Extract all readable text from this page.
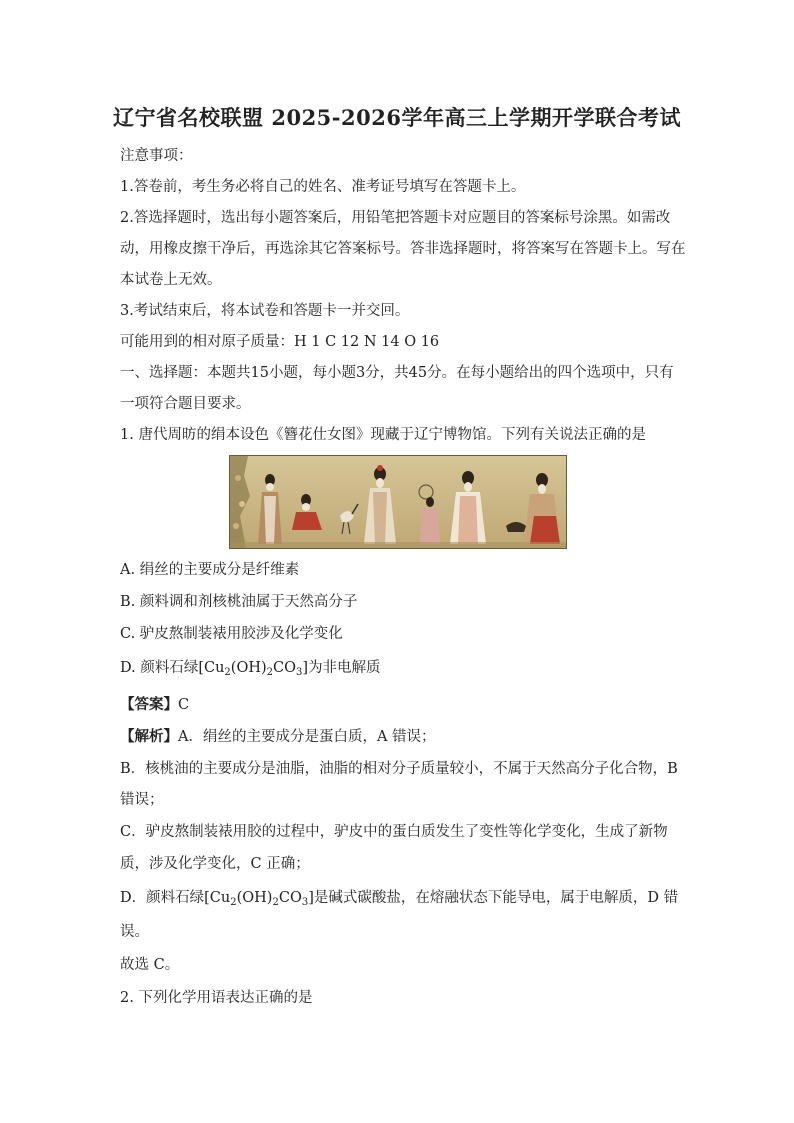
辽宁省名校联盟 2025-2026学年高三上学期开学联合考试
注意事项：
1.答卷前，考生务必将自己的姓名、准考证号填写在答题卡上。
2.答选择题时，选出每小题答案后，用铅笔把答题卡对应题目的答案标号涂黑。如需改
动，用橡皮擦干净后，再选涂其它答案标号。答非选择题时，将答案写在答题卡上。写在
本试卷上无效。
3.考试结束后，将本试卷和答题卡一并交回。
可能用到的相对原子质量：H 1 C 12 N 14 O 16
一、选择题：本题共15小题，每小题3分，共45分。在每小题给出的四个选项中，只有
一项符合题目要求。
1. 唐代周昉的绢本设色《簪花仕女图》现藏于辽宁博物馆。下列有关说法正确的是
A. 绢丝的主要成分是纤维素
B. 颜料调和剂核桃油属于天然高分子
C. 驴皮熬制装裱用胶涉及化学变化
D. 颜料石绿$[Cu_2(OH)_2CO_3]$为非电解质
【答案】C
【解析】A．绢丝的主要成分是蛋白质，A 错误；
B．核桃油的主要成分是油脂，油脂的相对分子质量较小，不属于天然高分子化合物，B
错误；
C．驴皮熬制装裱用胶的过程中，驴皮中的蛋白质发生了变性等化学变化，生成了新物
质，涉及化学变化，C 正确；
D．颜料石绿$[Cu_2(OH)_2CO_3]$是碱式碳酸盐，在熔融状态下能导电，属于电解质，D 错
误。
故选 C。
2. 下列化学用语表达正确的是
